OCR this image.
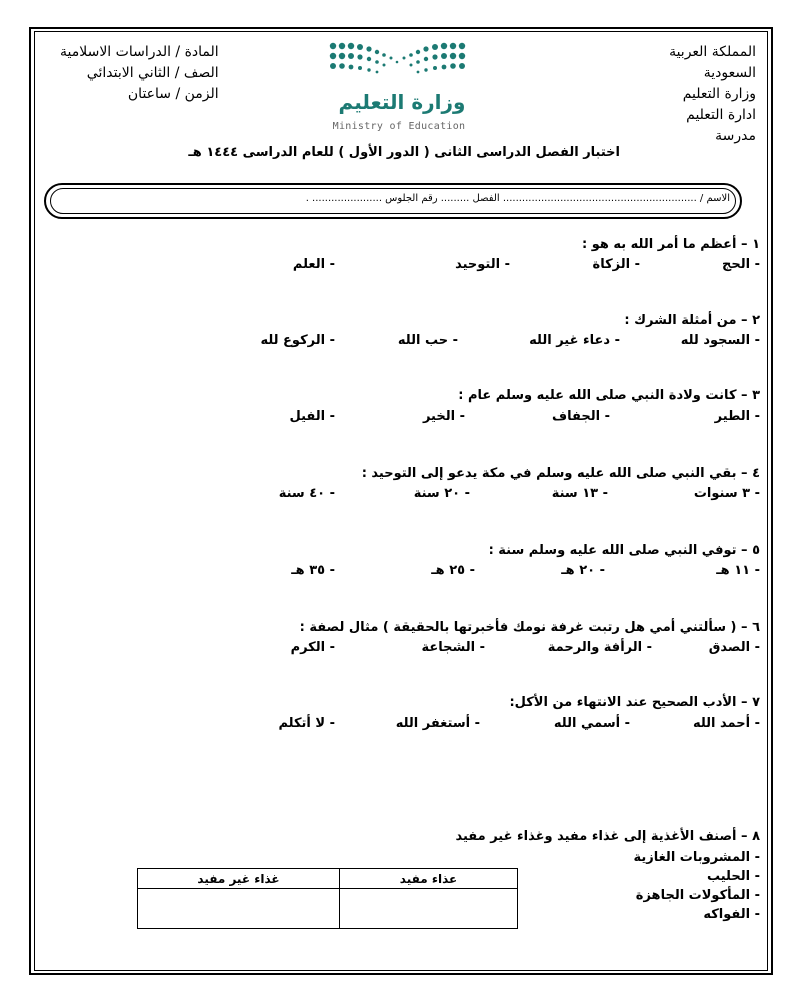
المملكة العربية
السعودية
وزارة التعليم
ادارة التعليم
مدرسة
المادة / الدراسات الاسلامية
الصف / الثاني الابتدائي
الزمن / ساعتان	وزارة التعليم
Ministry of Education
اختبار الفصل الدراسى الثانى ( الدور الأول ) للعام الدراسى ١٤٤٤ هـ
الاسم / ............................................................. الفصل ......... رقم الجلوس ...................... .
١ – أعظم ما أمر الله به هو :
- الحج
- الزكاة
- التوحيد
- العلم
٢ – من أمثلة الشرك :
- السجود لله
- دعاء غير الله
- حب الله
- الركوع لله
٣ – كانت ولادة النبي صلى الله عليه وسلم عام :
- الطير
- الجفاف
- الخير
- الفيل
٤ – بقي النبي صلى الله عليه وسلم في مكة يدعو إلى التوحيد :
- ٣ سنوات
- ١٣ سنة
- ٢٠ سنة
- ٤٠ سنة
٥ – توفي النبي صلى الله عليه وسلم سنة :
- ١١ هـ
- ٢٠ هـ
- ٢٥ هـ
- ٣٥ هـ
٦ – ( سألتني أمي هل رتبت غرفة نومك فأخبرتها بالحقيقة ) مثال لصفة :
- الصدق
- الرأفة والرحمة
- الشجاعة
- الكرم
٧ – الأدب الصحيح عند الانتهاء من الأكل:
- أحمد الله
- أسمي الله
- أستغفر الله
- لا أتكلم
٨ – أصنف الأغذية إلى غذاء مفيد وغذاء غير مفيد
- المشروبات الغازية
- الحليب
- المأكولات الجاهزة
- الفواكه
غذاء غير مفيد	عذاء مفيد
